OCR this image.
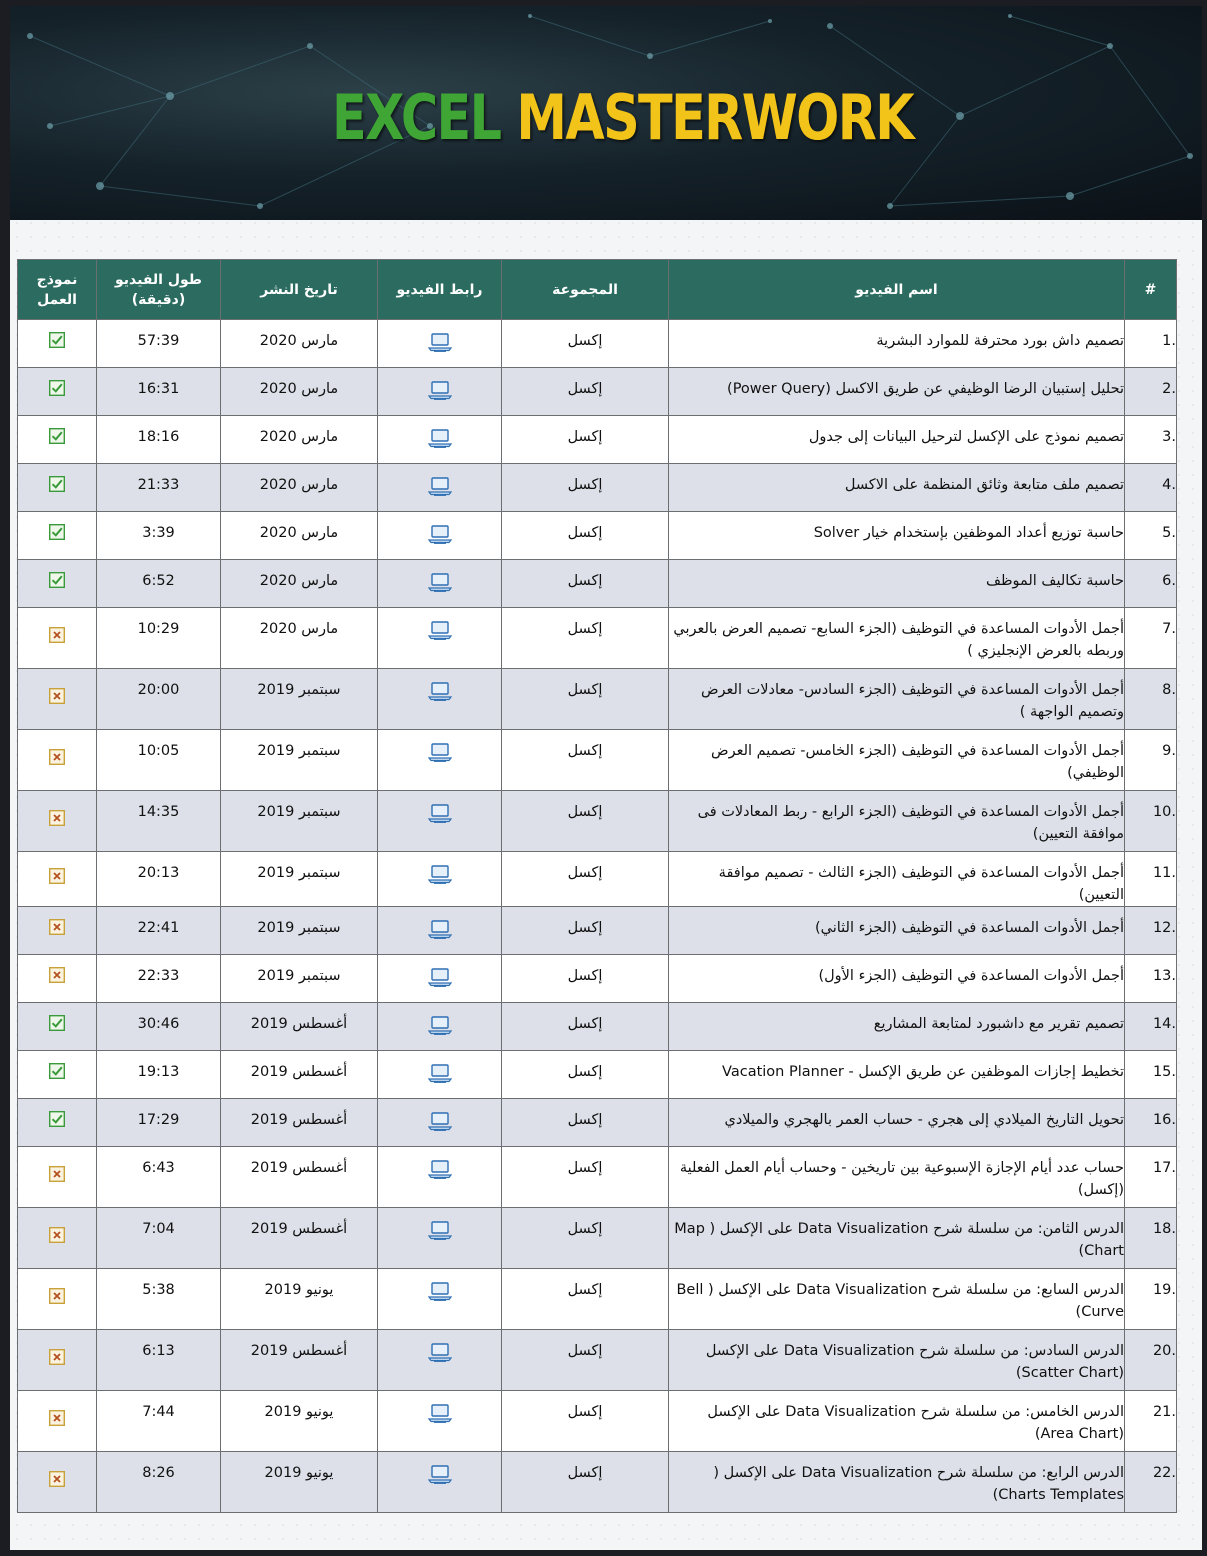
EXCEL MASTERWORK
#	اسم الفيديو	المجموعة	رابط الفيديو	تاريخ النشر	طول الفيديو (دقيقة)	نموذج العمل
.1	تصميم داش بورد محترفة للموارد البشرية	إكسل		مارس 2020	57:39	
.2	تحليل إستبيان الرضا الوظيفي عن طريق الاكسل (Power Query)	إكسل		مارس 2020	16:31	
.3	تصميم نموذج على الإكسل لترحيل البيانات إلى جدول	إكسل		مارس 2020	18:16	
.4	تصميم ملف متابعة وثائق المنظمة على الاكسل	إكسل		مارس 2020	21:33	
.5	حاسبة توزيع أعداد الموظفين بإستخدام خيار Solver	إكسل		مارس 2020	3:39	
.6	حاسبة تكاليف الموظف	إكسل		مارس 2020	6:52	
.7	أجمل الأدوات المساعدة في التوظيف (الجزء السابع- تصميم العرض بالعربي وربطه بالعرض الإنجليزي )	إكسل		مارس 2020	10:29	
.8	أجمل الأدوات المساعدة في التوظيف (الجزء السادس- معادلات العرض وتصميم الواجهة )	إكسل		سبتمبر 2019	20:00	
.9	أجمل الأدوات المساعدة في التوظيف (الجزء الخامس- تصميم العرض الوظيفي)	إكسل		سبتمبر 2019	10:05	
.10	أجمل الأدوات المساعدة في التوظيف (الجزء الرابع - ربط المعادلات فى موافقة التعيين)	إكسل		سبتمبر 2019	14:35	
.11	أجمل الأدوات المساعدة في التوظيف (الجزء الثالث - تصميم موافقة التعيين)	إكسل		سبتمبر 2019	20:13	
.12	أجمل الأدوات المساعدة في التوظيف (الجزء الثاني)	إكسل		سبتمبر 2019	22:41	
.13	أجمل الأدوات المساعدة في التوظيف (الجزء الأول)	إكسل		سبتمبر 2019	22:33	
.14	تصميم تقرير مع داشبورد لمتابعة المشاريع	إكسل		أغسطس 2019	30:46	
.15	تخطيط إجازات الموظفين عن طريق الإكسل - Vacation Planner	إكسل		أغسطس 2019	19:13	
.16	تحويل التاريخ الميلادي إلى هجري - حساب العمر بالهجري والميلادي	إكسل		أغسطس 2019	17:29	
.17	حساب عدد أيام الإجازة الإسبوعية بين تاريخين - وحساب أيام العمل الفعلية (إكسل)	إكسل		أغسطس 2019	6:43	
.18	الدرس الثامن: من سلسلة شرح Data Visualization على الإكسل ( Map Chart)	إكسل		أغسطس 2019	7:04	
.19	الدرس السابع: من سلسلة شرح Data Visualization على الإكسل ( Bell Curve)	إكسل		يونيو 2019	5:38	
.20	الدرس السادس: من سلسلة شرح Data Visualization على الإكسل (Scatter Chart)	إكسل		أغسطس 2019	6:13	
.21	الدرس الخامس: من سلسلة شرح Data Visualization على الإكسل (Area Chart)	إكسل		يونيو 2019	7:44	
.22	الدرس الرابع: من سلسلة شرح Data Visualization على الإكسل ( Charts Templates)	إكسل		يونيو 2019	8:26	
